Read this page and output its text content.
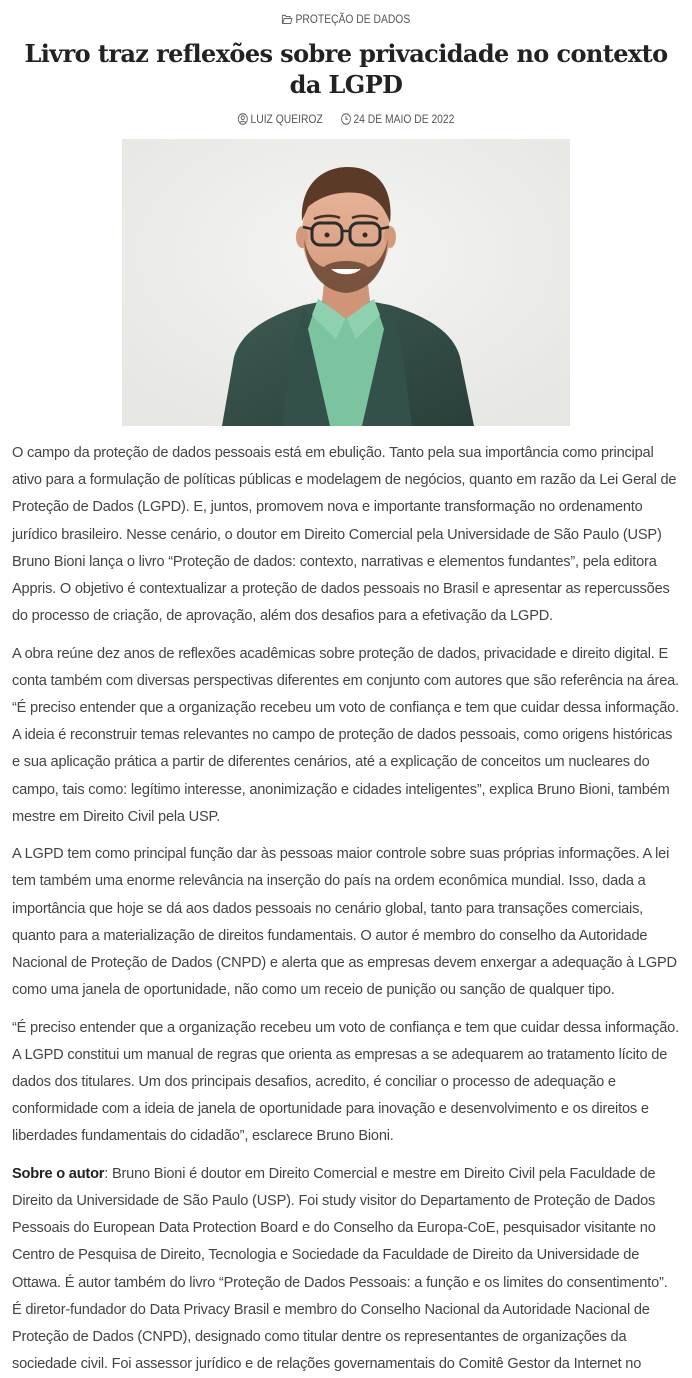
PROTEÇÃO DE DADOS
Livro traz reflexões sobre privacidade no contexto da LGPD
LUIZ QUEIROZ	24 DE MAIO DE 2022

O campo da proteção de dados pessoais está em ebulição. Tanto pela sua importância como principal ativo para a formulação de políticas públicas e modelagem de negócios, quanto em razão da Lei Geral de Proteção de Dados (LGPD). E, juntos, promovem nova e importante transformação no ordenamento jurídico brasileiro. Nesse cenário, o doutor em Direito Comercial pela Universidade de São Paulo (USP) Bruno Bioni lança o livro “Proteção de dados: contexto, narrativas e elementos fundantes”, pela editora Appris. O objetivo é contextualizar a proteção de dados pessoais no Brasil e apresentar as repercussões do processo de criação, de aprovação, além dos desafios para a efetivação da LGPD.

A obra reúne dez anos de reflexões acadêmicas sobre proteção de dados, privacidade e direito digital. E conta também com diversas perspectivas diferentes em conjunto com autores que são referência na área. “É preciso entender que a organização recebeu um voto de confiança e tem que cuidar dessa informação. A ideia é reconstruir temas relevantes no campo de proteção de dados pessoais, como origens históricas e sua aplicação prática a partir de diferentes cenários, até a explicação de conceitos um nucleares do campo, tais como: legítimo interesse, anonimização e cidades inteligentes”, explica Bruno Bioni, também mestre em Direito Civil pela USP.

A LGPD tem como principal função dar às pessoas maior controle sobre suas próprias informações. A lei tem também uma enorme relevância na inserção do país na ordem econômica mundial. Isso, dada a importância que hoje se dá aos dados pessoais no cenário global, tanto para transações comerciais, quanto para a materialização de direitos fundamentais. O autor é membro do conselho da Autoridade Nacional de Proteção de Dados (CNPD) e alerta que as empresas devem enxergar a adequação à LGPD como uma janela de oportunidade, não como um receio de punição ou sanção de qualquer tipo.

“É preciso entender que a organização recebeu um voto de confiança e tem que cuidar dessa informação. A LGPD constitui um manual de regras que orienta as empresas a se adequarem ao tratamento lícito de dados dos titulares. Um dos principais desafios, acredito, é conciliar o processo de adequação e conformidade com a ideia de janela de oportunidade para inovação e desenvolvimento e os direitos e liberdades fundamentais do cidadão”, esclarece Bruno Bioni.

Sobre o autor: Bruno Bioni é doutor em Direito Comercial e mestre em Direito Civil pela Faculdade de Direito da Universidade de São Paulo (USP). Foi study visitor do Departamento de Proteção de Dados Pessoais do European Data Protection Board e do Conselho da Europa-CoE, pesquisador visitante no Centro de Pesquisa de Direito, Tecnologia e Sociedade da Faculdade de Direito da Universidade de Ottawa. É autor também do livro “Proteção de Dados Pessoais: a função e os limites do consentimento”. É diretor-fundador do Data Privacy Brasil e membro do Conselho Nacional da Autoridade Nacional de Proteção de Dados (CNPD), designado como titular dentre os representantes de organizações da sociedade civil. Foi assessor jurídico e de relações governamentais do Comitê Gestor da Internet no
